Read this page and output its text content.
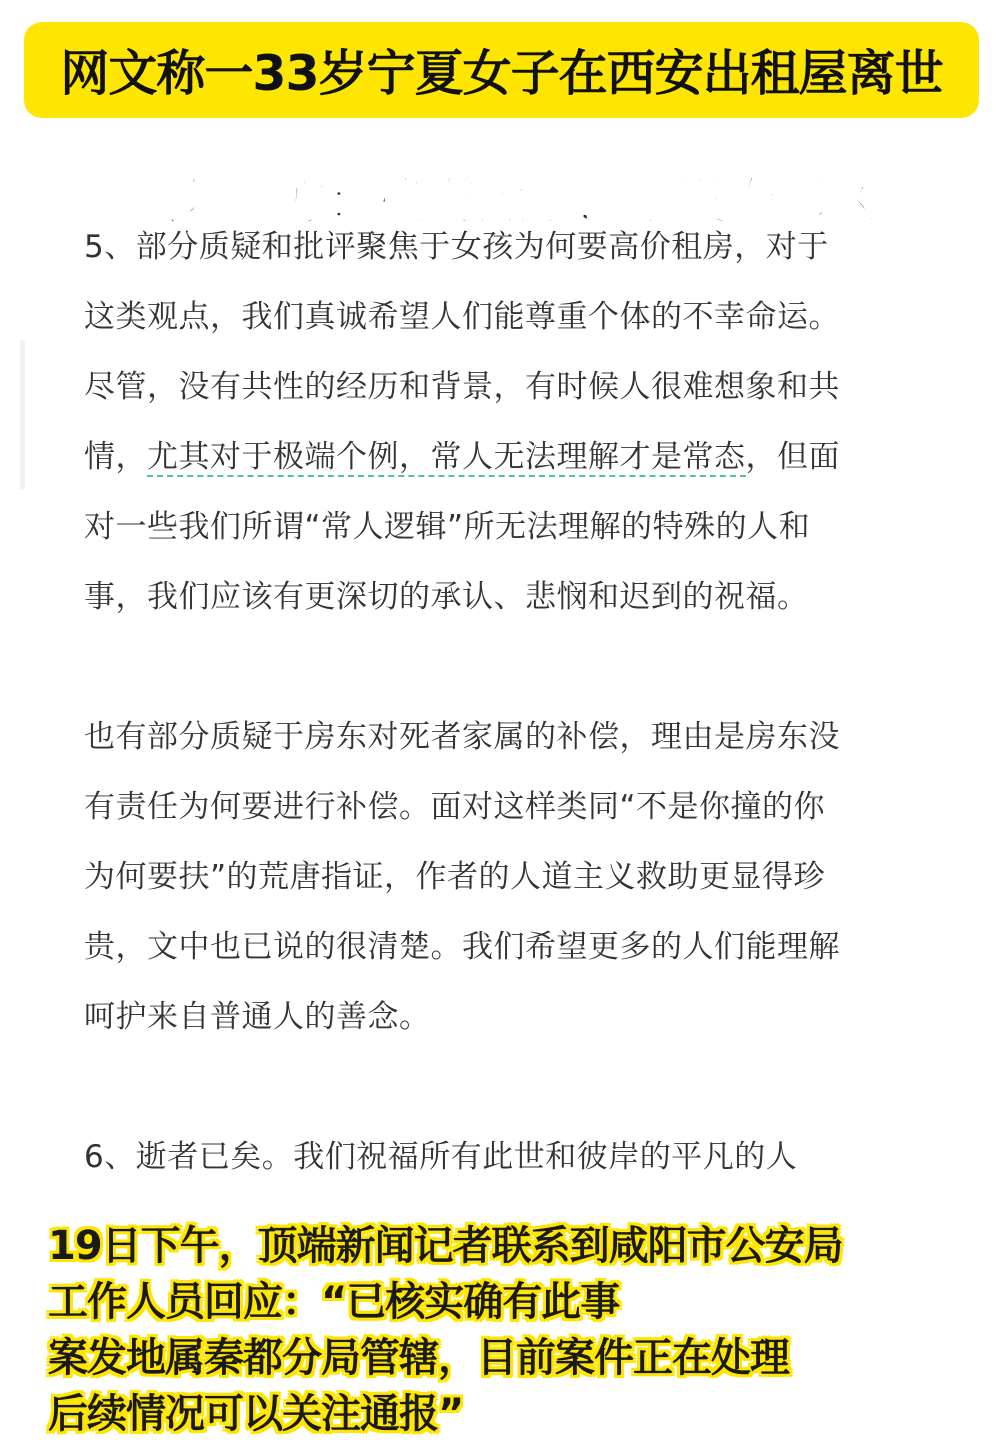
网文称一33岁宁夏女子在西安出租屋离世

5、部分质疑和批评聚焦于女孩为何要高价租房，对于

这类观点，我们真诚希望人们能尊重个体的不幸命运。

尽管，没有共性的经历和背景，有时候人很难想象和共

情，尤其对于极端个例，常人无法理解才是常态，但面

对一些我们所谓“常人逻辑”所无法理解的特殊的人和

事，我们应该有更深切的承认、悲悯和迟到的祝福。

也有部分质疑于房东对死者家属的补偿，理由是房东没

有责任为何要进行补偿。面对这样类同“不是你撞的你

为何要扶”的荒唐指证，作者的人道主义救助更显得珍

贵，文中也已说的很清楚。我们希望更多的人们能理解

呵护来自普通人的善念。

6、逝者已矣。我们祝福所有此世和彼岸的平凡的人

咸阳警方：确有此事，事发秦都区
19日下午，顶端新闻记者联系到咸阳市公安局
工作人员回应：“已核实确有此事
案发地属秦都分局管辖，目前案件正在处理
后续情况可以关注通报”
